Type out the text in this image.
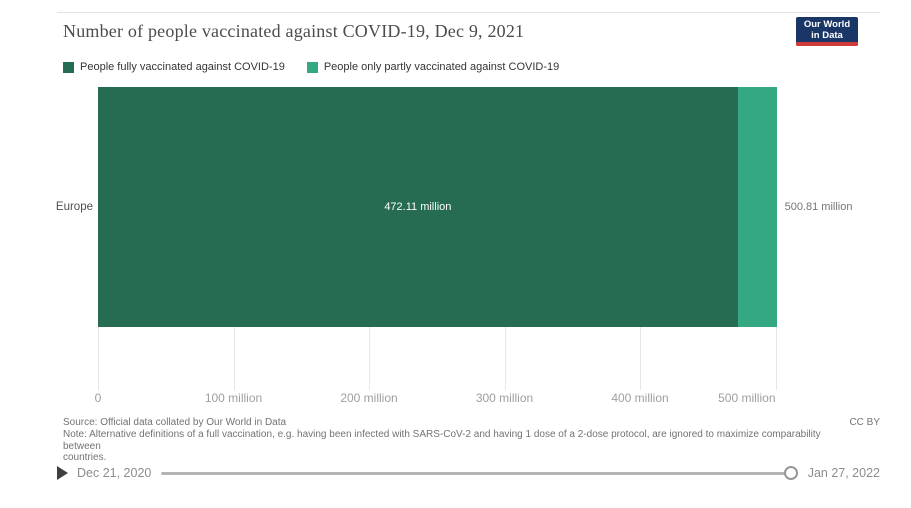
Number of people vaccinated against COVID-19, Dec 9, 2021	Our World
in Data
People fully vaccinated against COVID-19	People only partly vaccinated against COVID-19
Europe
0	100 million	200 million	300 million	400 million	500 million
472.11 million	500.81 million
Source: Official data collated by Our World in Data	CC BY
Note: Alternative definitions of a full vaccination, e.g. having been infected with SARS-CoV-2 and having 1 dose of a 2-dose protocol, are ignored to maximize comparability
between
countries.
Dec 21, 2020	Jan 27, 2022
